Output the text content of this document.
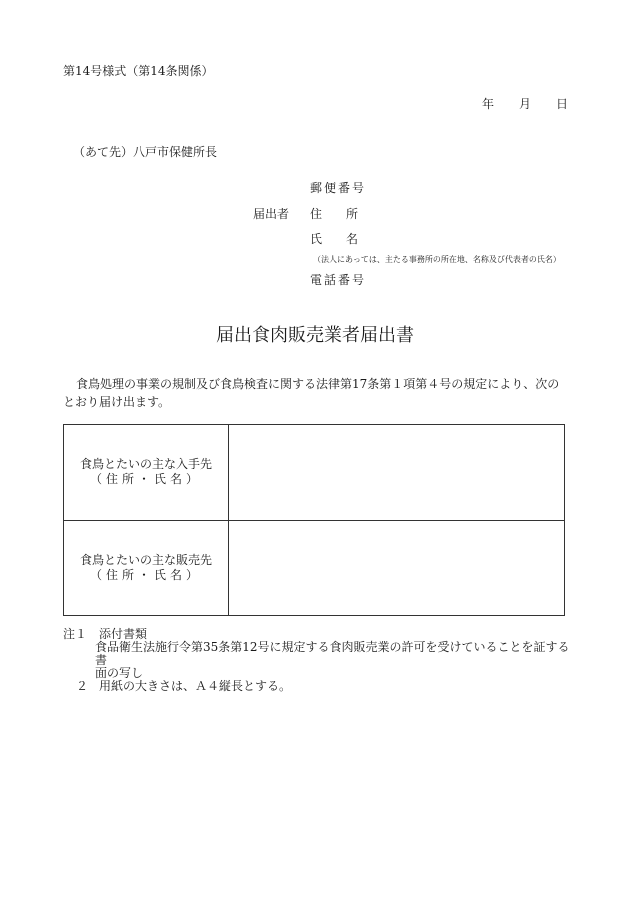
第14号様式（第14条関係）
年 月 日
（あて先）八戸市保健所長
届出者
郵便番号
住　　所
氏　　名
（法人にあっては、主たる事務所の所在地、名称及び代表者の氏名）
電話番号
届出食肉販売業者届出書
食鳥処理の事業の規制及び食鳥検査に関する法律第17条第１項第４号の規定により、次のとおり届け出ます。
食鳥とたいの主な入手先
（住所・氏名）	

食鳥とたいの主な販売先
（住所・氏名）	

注１ 添付書類
食品衛生法施行令第35条第12号に規定する食肉販売業の許可を受けていることを証する書
面の写し
２ 用紙の大きさは、Ａ４縦長とする。
